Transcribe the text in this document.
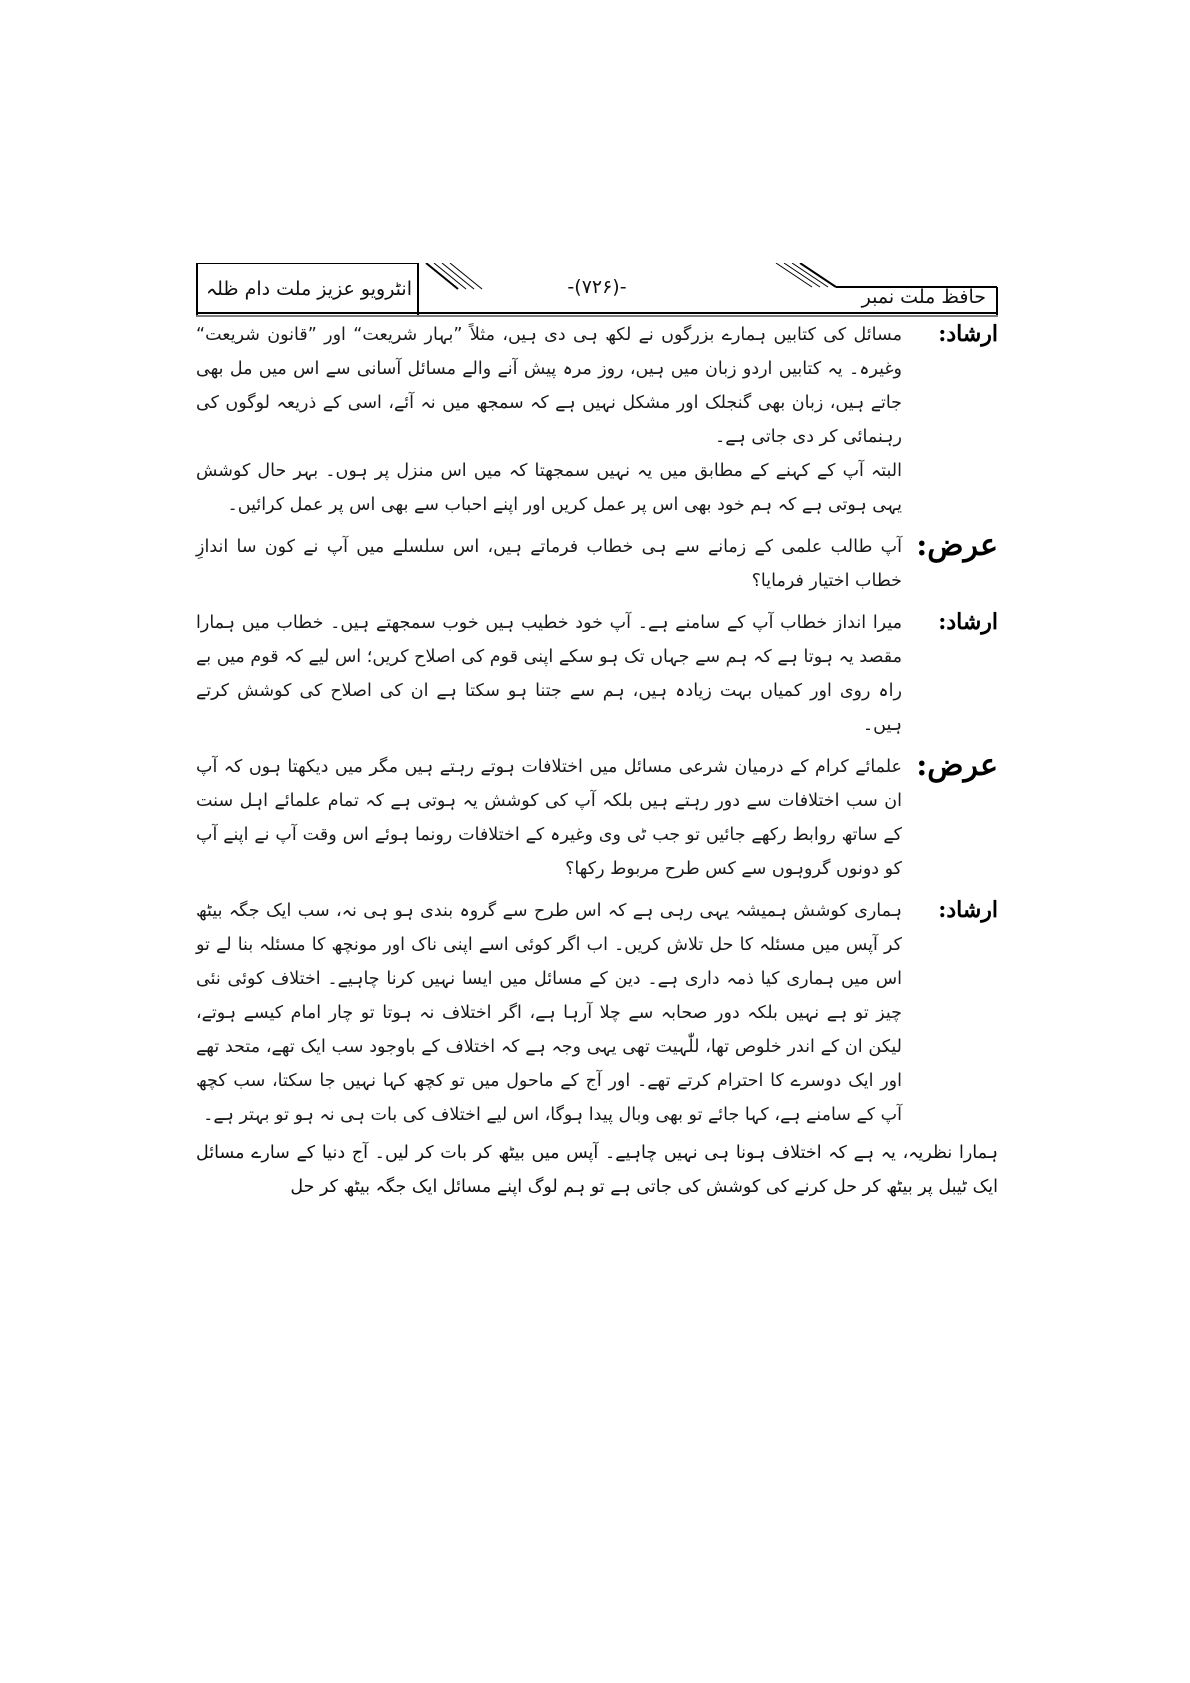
حافظ ملت نمبر
-(۷۲۶)-
انٹرویو عزیز ملت دام ظلہ
ارشاد:
مسائل کی کتابیں ہمارے بزرگوں نے لکھ ہی دی ہیں، مثلاً ”بہار شریعت“ اور ”قانون شریعت“ وغیرہ۔ یہ کتابیں اردو زبان میں ہیں، روز مرہ پیش آنے والے مسائل آسانی سے اس میں مل بھی جاتے ہیں، زبان بھی گنجلک اور مشکل نہیں ہے کہ سمجھ میں نہ آئے، اسی کے ذریعہ لوگوں کی رہنمائی کر دی جاتی ہے۔
البتہ آپ کے کہنے کے مطابق میں یہ نہیں سمجھتا کہ میں اس منزل پر ہوں۔ بہر حال کوشش یہی ہوتی ہے کہ ہم خود بھی اس پر عمل کریں اور اپنے احباب سے بھی اس پر عمل کرائیں۔
عرض:
آپ طالب علمی کے زمانے سے ہی خطاب فرماتے ہیں، اس سلسلے میں آپ نے کون سا اندازِ خطاب اختیار فرمایا؟
ارشاد:
میرا انداز خطاب آپ کے سامنے ہے۔ آپ خود خطیب ہیں خوب سمجھتے ہیں۔ خطاب میں ہمارا مقصد یہ ہوتا ہے کہ ہم سے جہاں تک ہو سکے اپنی قوم کی اصلاح کریں؛ اس لیے کہ قوم میں بے راہ روی اور کمیاں بہت زیادہ ہیں، ہم سے جتنا ہو سکتا ہے ان کی اصلاح کی کوشش کرتے ہیں۔
عرض:
علمائے کرام کے درمیان شرعی مسائل میں اختلافات ہوتے رہتے ہیں مگر میں دیکھتا ہوں کہ آپ ان سب اختلافات سے دور رہتے ہیں بلکہ آپ کی کوشش یہ ہوتی ہے کہ تمام علمائے اہل سنت کے ساتھ روابط رکھے جائیں تو جب ٹی وی وغیرہ کے اختلافات رونما ہوئے اس وقت آپ نے اپنے آپ کو دونوں گروہوں سے کس طرح مربوط رکھا؟
ارشاد:
ہماری کوشش ہمیشہ یہی رہی ہے کہ اس طرح سے گروہ بندی ہو ہی نہ، سب ایک جگہ بیٹھ کر آپس میں مسئلہ کا حل تلاش کریں۔ اب اگر کوئی اسے اپنی ناک اور مونچھ کا مسئلہ بنا لے تو اس میں ہماری کیا ذمہ داری ہے۔ دین کے مسائل میں ایسا نہیں کرنا چاہیے۔ اختلاف کوئی نئی چیز تو ہے نہیں بلکہ دور صحابہ سے چلا آرہا ہے، اگر اختلاف نہ ہوتا تو چار امام کیسے ہوتے، لیکن ان کے اندر خلوص تھا، للّٰہیت تھی یہی وجہ ہے کہ اختلاف کے باوجود سب ایک تھے، متحد تھے اور ایک دوسرے کا احترام کرتے تھے۔ اور آج کے ماحول میں تو کچھ کہا نہیں جا سکتا، سب کچھ آپ کے سامنے ہے، کہا جائے تو بھی وبال پیدا ہوگا، اس لیے اختلاف کی بات ہی نہ ہو تو بہتر ہے۔
ہمارا نظریہ، یہ ہے کہ اختلاف ہونا ہی نہیں چاہیے۔ آپس میں بیٹھ کر بات کر لیں۔ آج دنیا کے سارے مسائل ایک ٹیبل پر بیٹھ کر حل کرنے کی کوشش کی جاتی ہے تو ہم لوگ اپنے مسائل ایک جگہ بیٹھ کر حل
